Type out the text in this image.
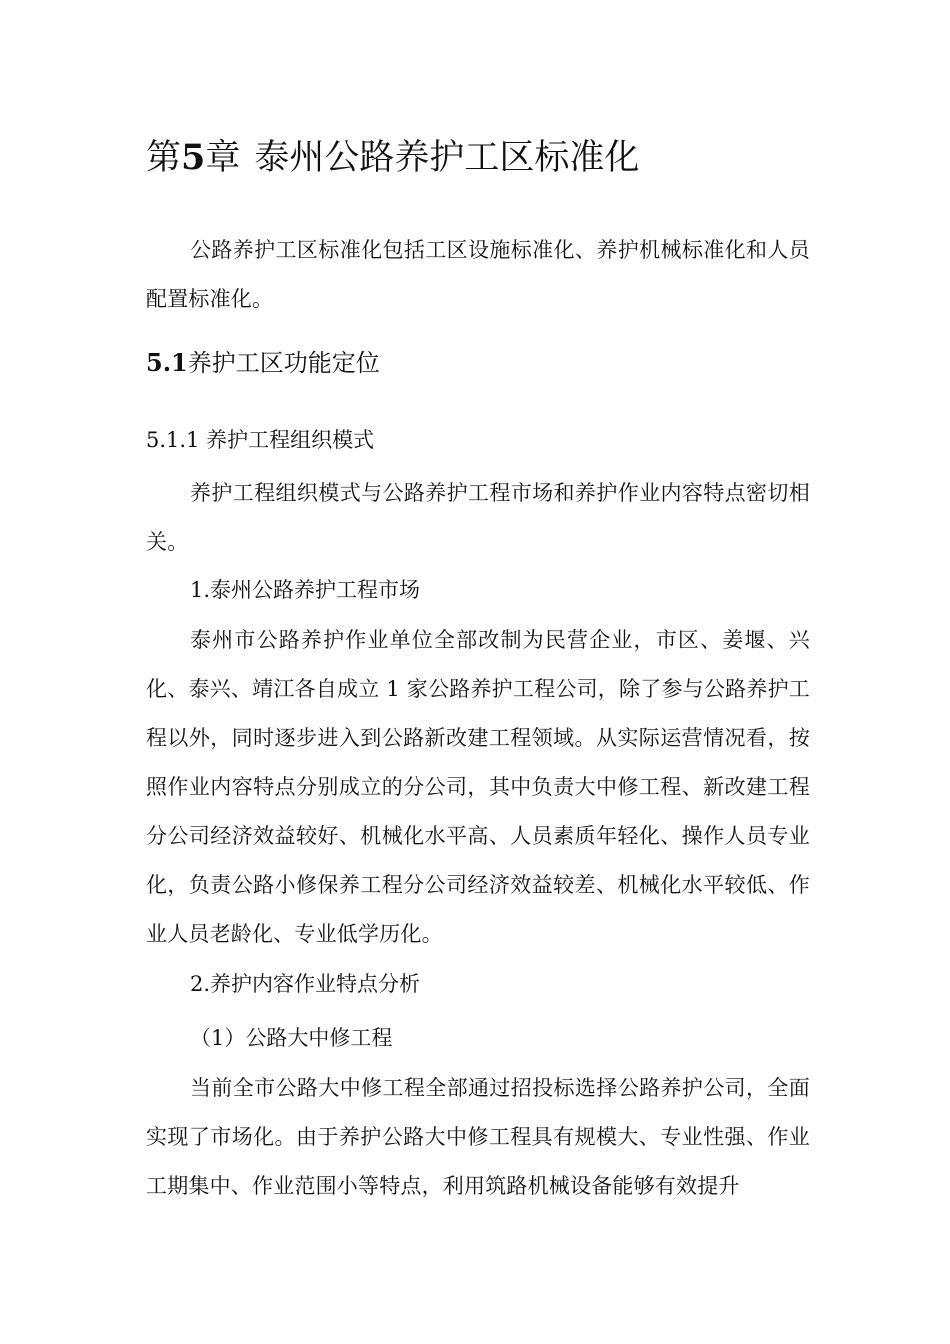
第5章 泰州公路养护工区标准化

公路养护工区标准化包括工区设施标准化、养护机械标准化和人员配置标准化。

5.1养护工区功能定位
5.1.1 养护工程组织模式

养护工程组织模式与公路养护工程市场和养护作业内容特点密切相关。

1.泰州公路养护工程市场

泰州市公路养护作业单位全部改制为民营企业，市区、姜堰、兴化、泰兴、靖江各自成立 1 家公路养护工程公司，除了参与公路养护工程以外，同时逐步进入到公路新改建工程领域。从实际运营情况看，按照作业内容特点分别成立的分公司，其中负责大中修工程、新改建工程分公司经济效益较好、机械化水平高、人员素质年轻化、操作人员专业化，负责公路小修保养工程分公司经济效益较差、机械化水平较低、作业人员老龄化、专业低学历化。

2.养护内容作业特点分析
（1）公路大中修工程

当前全市公路大中修工程全部通过招投标选择公路养护公司，全面实现了市场化。由于养护公路大中修工程具有规模大、专业性强、作业工期集中、作业范围小等特点，利用筑路机械设备能够有效提升
